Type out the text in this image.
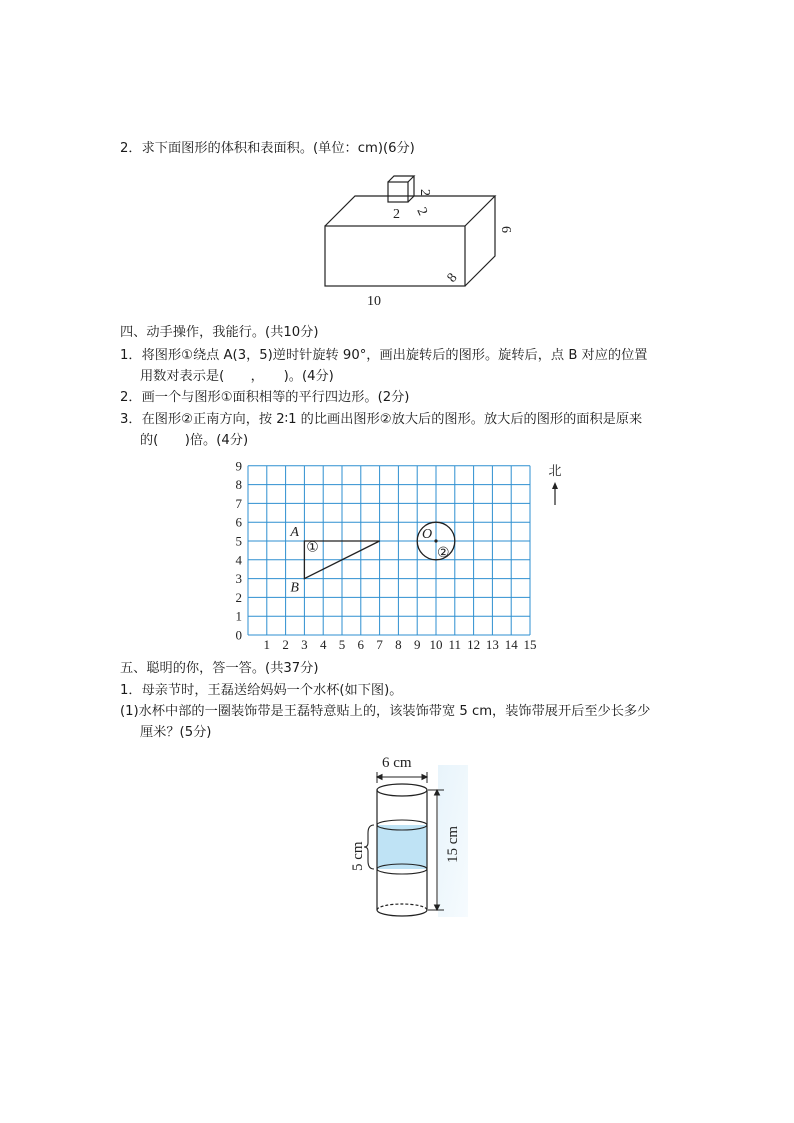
2．求下面图形的体积和表面积。(单位：cm)(6分)
2
2 2
6
8
10
四、动手操作，我能行。(共10分)
1．将图形①绕点 A(3，5)逆时针旋转 90°，画出旋转后的图形。旋转后，点 B 对应的位置
用数对表示是(　　，　　)。(4分)
2．画一个与图形①面积相等的平行四边形。(2分)
3．在图形②正南方向，按 2∶1 的比画出图形②放大后的图形。放大后的图形的面积是原来
的(　　)倍。(4分)
1 2 3 4 5 6 7 8 9 10 11 12 13 14 15
0
1
2
3
4
5
6
7
8
9
A
B
①
O
②
北
五、聪明的你，答一答。(共37分)
1．母亲节时，王磊送给妈妈一个水杯(如下图)。
(1)水杯中部的一圈装饰带是王磊特意贴上的，该装饰带宽 5 cm，装饰带展开后至少长多少
厘米？(5分)
6 cm
15 cm
5 cm
